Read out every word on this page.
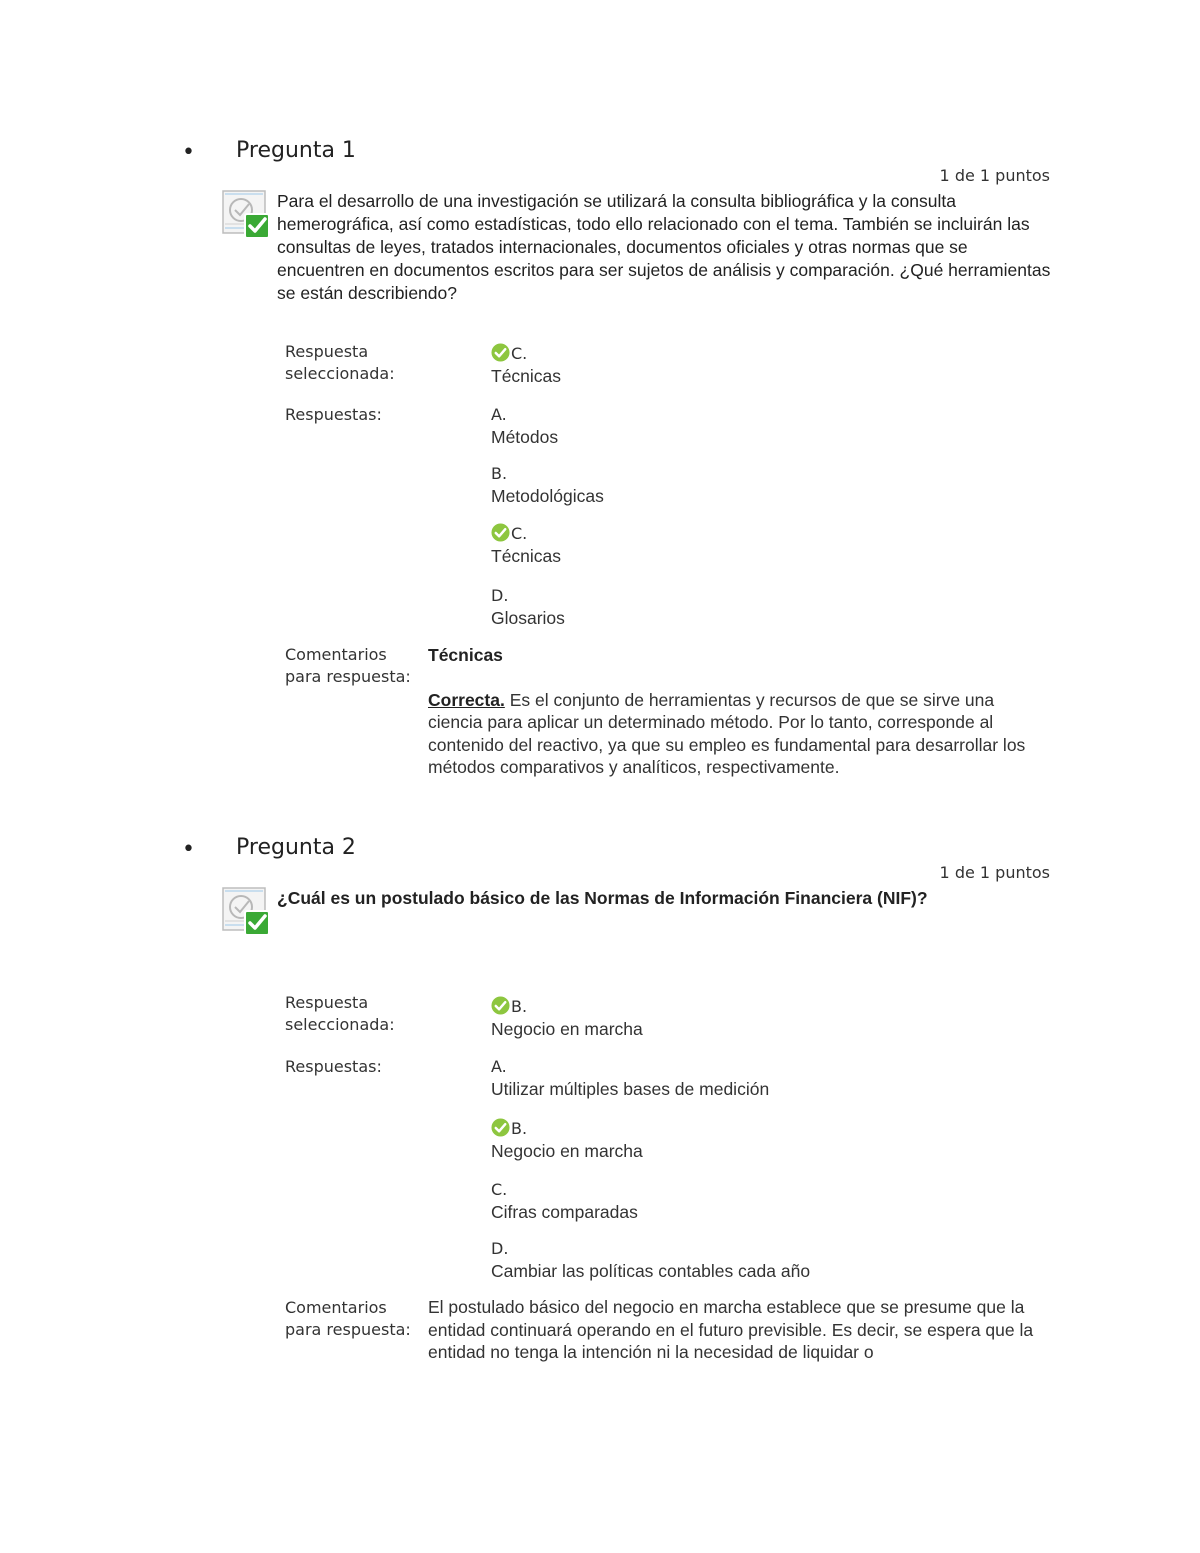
• Pregunta 1
1 de 1 puntos
Para el desarrollo de una investigación se utilizará la consulta bibliográfica y la consulta hemerográfica, así como estadísticas, todo ello relacionado con el tema. También se incluirán las consultas de leyes, tratados internacionales, documentos oficiales y otras normas que se encuentren en documentos escritos para ser sujetos de análisis y comparación. ¿Qué herramientas se están describiendo?
Respuesta seleccionada:
C.
Técnicas
Respuestas:	A.
Métodos
B.
Metodológicas
C.
Técnicas
D.
Glosarios
Comentarios para respuesta:
Técnicas
Correcta. Es el conjunto de herramientas y recursos de que se sirve una ciencia para aplicar un determinado método. Por lo tanto, corresponde al contenido del reactivo, ya que su empleo es fundamental para desarrollar los métodos comparativos y analíticos, respectivamente.
• Pregunta 2
1 de 1 puntos
¿Cuál es un postulado básico de las Normas de Información Financiera (NIF)?
Respuesta seleccionada:
B.
Negocio en marcha
Respuestas:	A.
Utilizar múltiples bases de medición
B.
Negocio en marcha
C.
Cifras comparadas
D.
Cambiar las políticas contables cada año
Comentarios para respuesta:
El postulado básico del negocio en marcha establece que se presume que la entidad continuará operando en el futuro previsible. Es decir, se espera que la entidad no tenga la intención ni la necesidad de liquidar o
